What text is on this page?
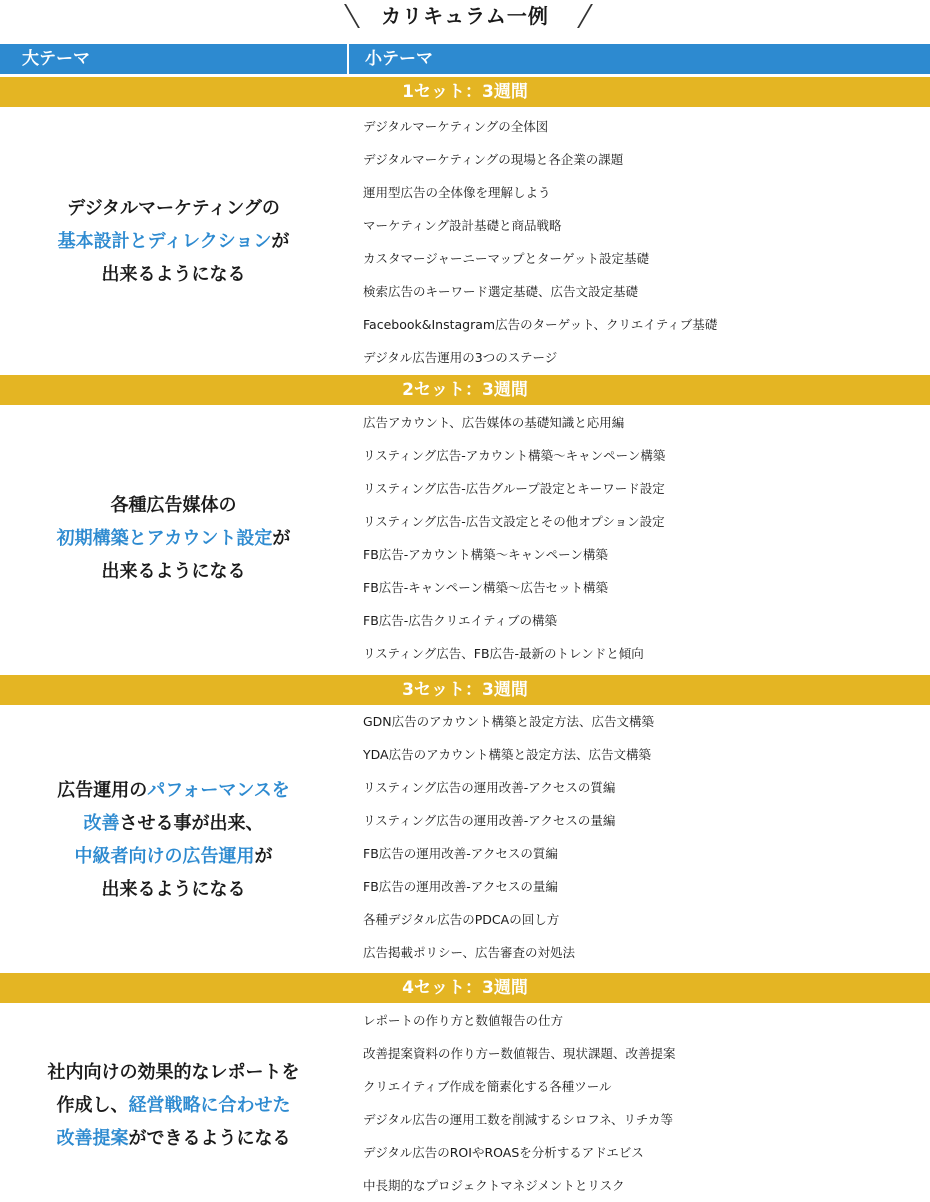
カリキュラム一例
大テーマ	小テーマ
1セット：3週間
デジタルマーケティングの
基本設計とディレクションが
出来るようになる
デジタルマーケティングの全体図
デジタルマーケティングの現場と各企業の課題
運用型広告の全体像を理解しよう
マーケティング設計基礎と商品戦略
カスタマージャーニーマップとターゲット設定基礎
検索広告のキーワード選定基礎、広告文設定基礎
Facebook&Instagram広告のターゲット、クリエイティブ基礎
デジタル広告運用の3つのステージ
2セット：3週間
各種広告媒体の
初期構築とアカウント設定が
出来るようになる
広告アカウント、広告媒体の基礎知識と応用編
リスティング広告-アカウント構築〜キャンペーン構築
リスティング広告-広告グループ設定とキーワード設定
リスティング広告-広告文設定とその他オプション設定
FB広告-アカウント構築〜キャンペーン構築
FB広告-キャンペーン構築〜広告セット構築
FB広告-広告クリエイティブの構築
リスティング広告、FB広告-最新のトレンドと傾向
3セット：3週間
広告運用のパフォーマンスを
改善させる事が出来、
中級者向けの広告運用が
出来るようになる
GDN広告のアカウント構築と設定方法、広告文構築
YDA広告のアカウント構築と設定方法、広告文構築
リスティング広告の運用改善-アクセスの質編
リスティング広告の運用改善-アクセスの量編
FB広告の運用改善-アクセスの質編
FB広告の運用改善-アクセスの量編
各種デジタル広告のPDCAの回し方
広告掲載ポリシー、広告審査の対処法
4セット：3週間
社内向けの効果的なレポートを
作成し、経営戦略に合わせた
改善提案ができるようになる
レポートの作り方と数値報告の仕方
改善提案資料の作り方ー数値報告、現状課題、改善提案
クリエイティブ作成を簡素化する各種ツール
デジタル広告の運用工数を削減するシロフネ、リチカ等
デジタル広告のROIやROASを分析するアドエビス
中長期的なプロジェクトマネジメントとリスク
